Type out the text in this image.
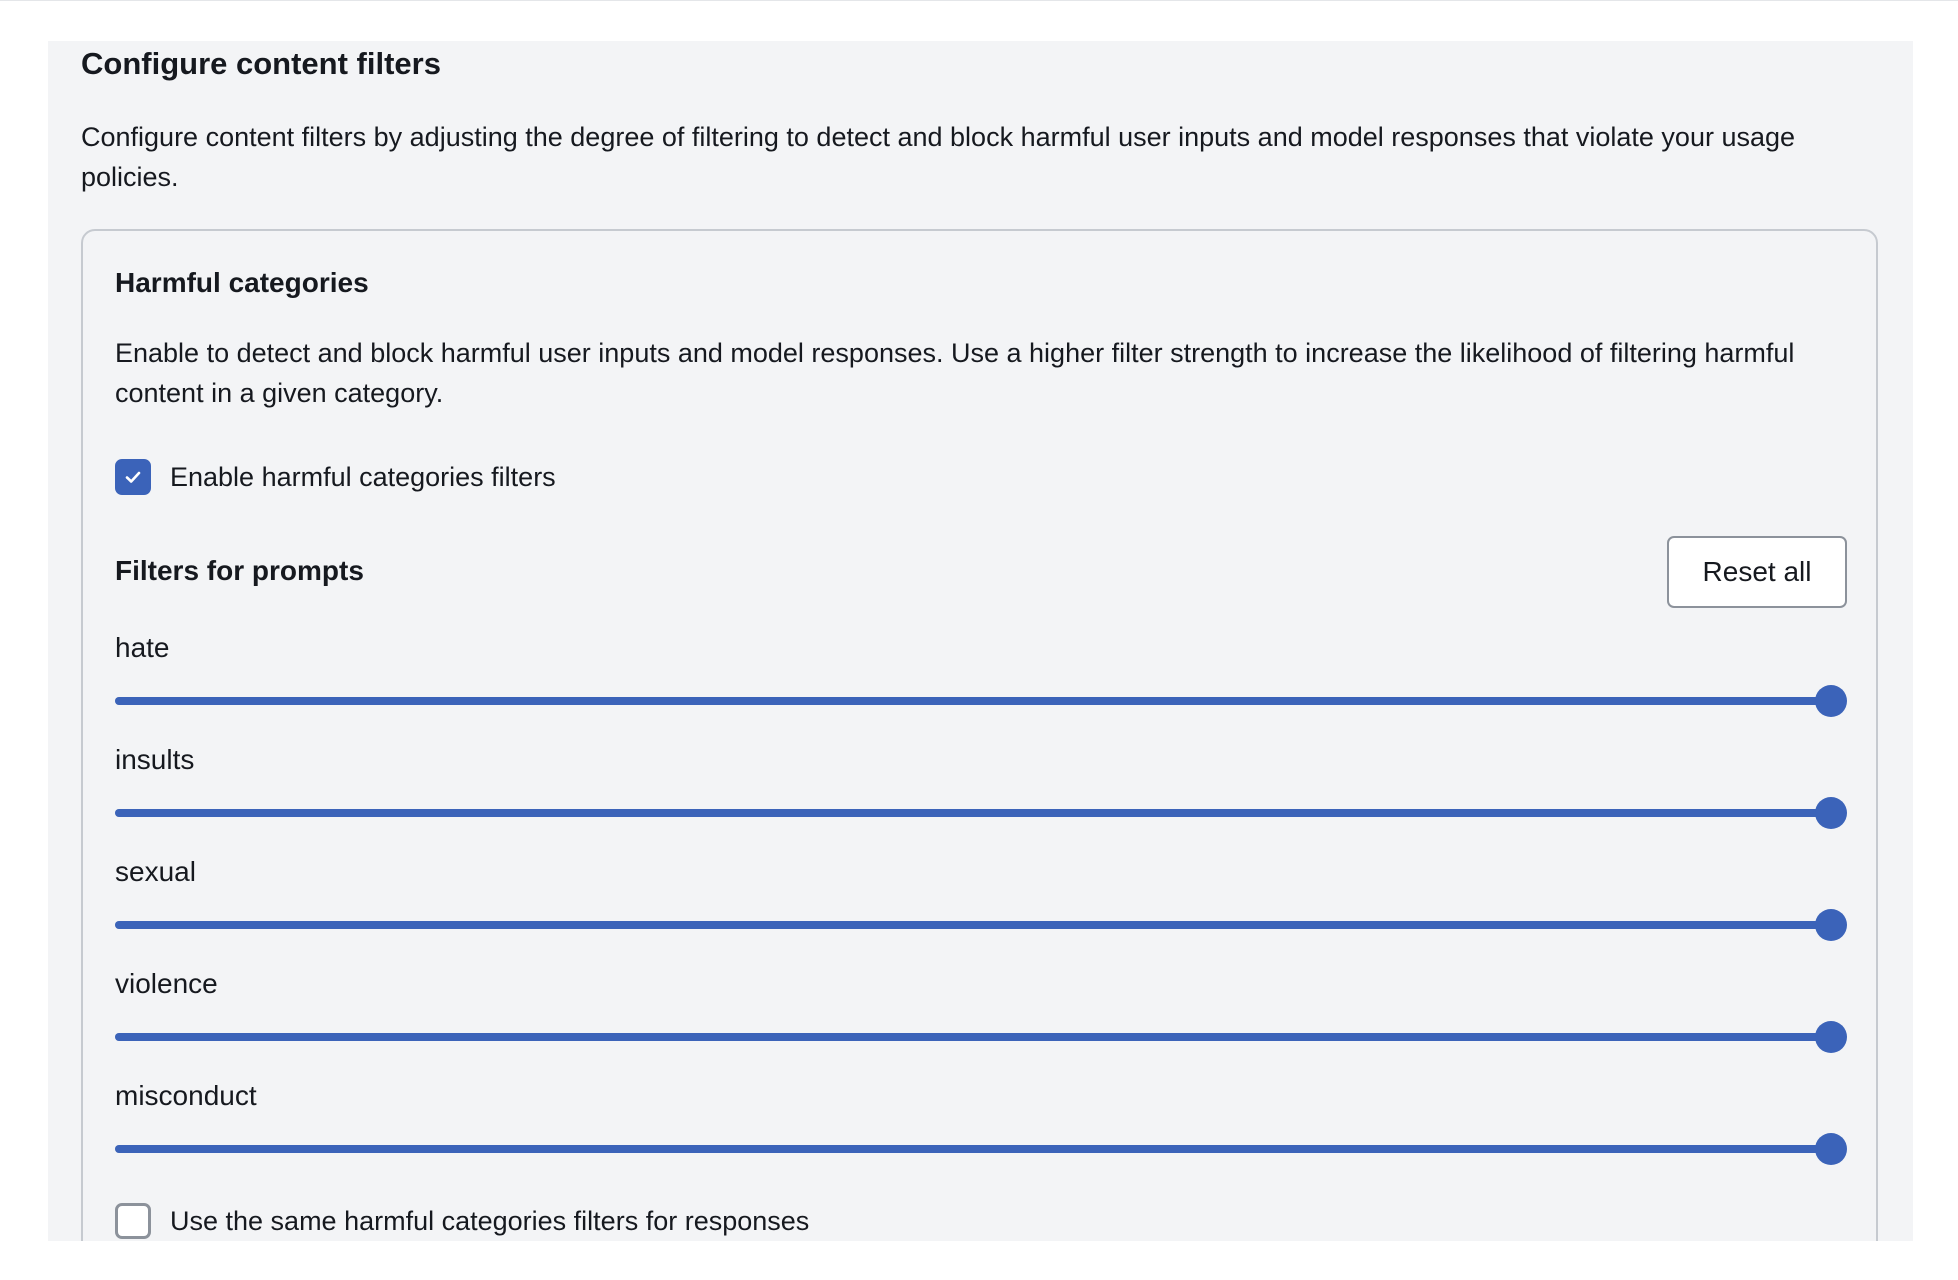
Configure content filters

Configure content filters by adjusting the degree of filtering to detect and block harmful user inputs and model responses that violate your usage policies.

Harmful categories

Enable to detect and block harmful user inputs and model responses. Use a higher filter strength to increase the likelihood of filtering harmful content in a given category.

Enable harmful categories filters
Filters for prompts	Reset all
hate
insults
sexual
violence
misconduct
Use the same harmful categories filters for responses
